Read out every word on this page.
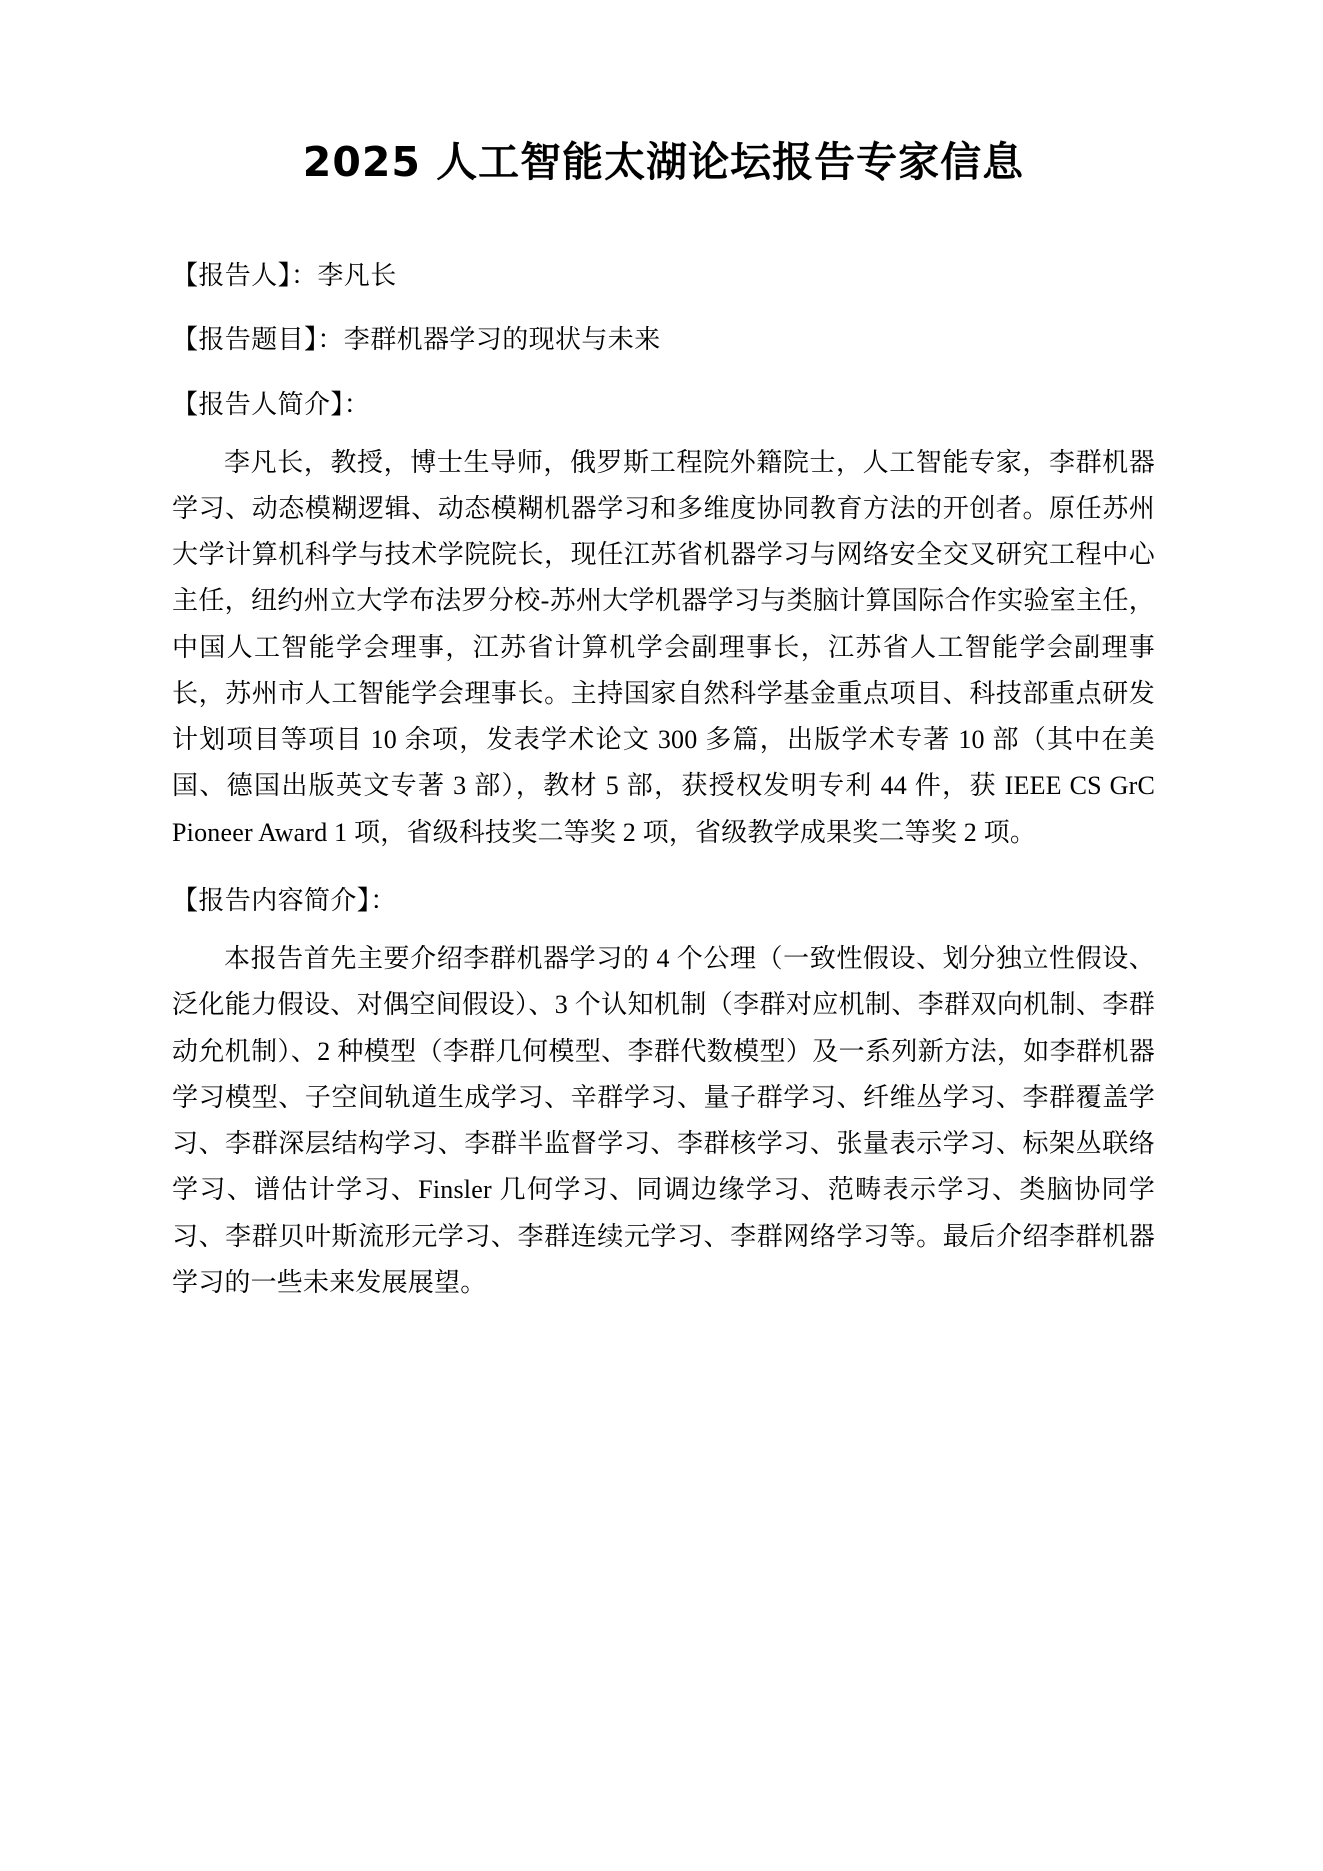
2025 人工智能太湖论坛报告专家信息

【报告人】：李凡长

【报告题目】：李群机器学习的现状与未来

【报告人简介】：

李凡长，教授，博士生导师，俄罗斯工程院外籍院士，人工智能专家，李群机器学习、动态模糊逻辑、动态模糊机器学习和多维度协同教育方法的开创者。原任苏州大学计算机科学与技术学院院长，现任江苏省机器学习与网络安全交叉研究工程中心主任，纽约州立大学布法罗分校-苏州大学机器学习与类脑计算国际合作实验室主任，中国人工智能学会理事，江苏省计算机学会副理事长，江苏省人工智能学会副理事长，苏州市人工智能学会理事长。主持国家自然科学基金重点项目、科技部重点研发计划项目等项目 10 余项，发表学术论文 300 多篇，出版学术专著 10 部（其中在美国、德国出版英文专著 3 部），教材 5 部，获授权发明专利 44 件，获 IEEE CS GrC Pioneer Award 1 项，省级科技奖二等奖 2 项，省级教学成果奖二等奖 2 项。

【报告内容简介】：

本报告首先主要介绍李群机器学习的 4 个公理（一致性假设、划分独立性假设、泛化能力假设、对偶空间假设）、3 个认知机制（李群对应机制、李群双向机制、李群动允机制）、2 种模型（李群几何模型、李群代数模型）及一系列新方法，如李群机器学习模型、子空间轨道生成学习、辛群学习、量子群学习、纤维丛学习、李群覆盖学习、李群深层结构学习、李群半监督学习、李群核学习、张量表示学习、标架丛联络学习、谱估计学习、Finsler 几何学习、同调边缘学习、范畴表示学习、类脑协同学习、李群贝叶斯流形元学习、李群连续元学习、李群网络学习等。最后介绍李群机器学习的一些未来发展展望。
